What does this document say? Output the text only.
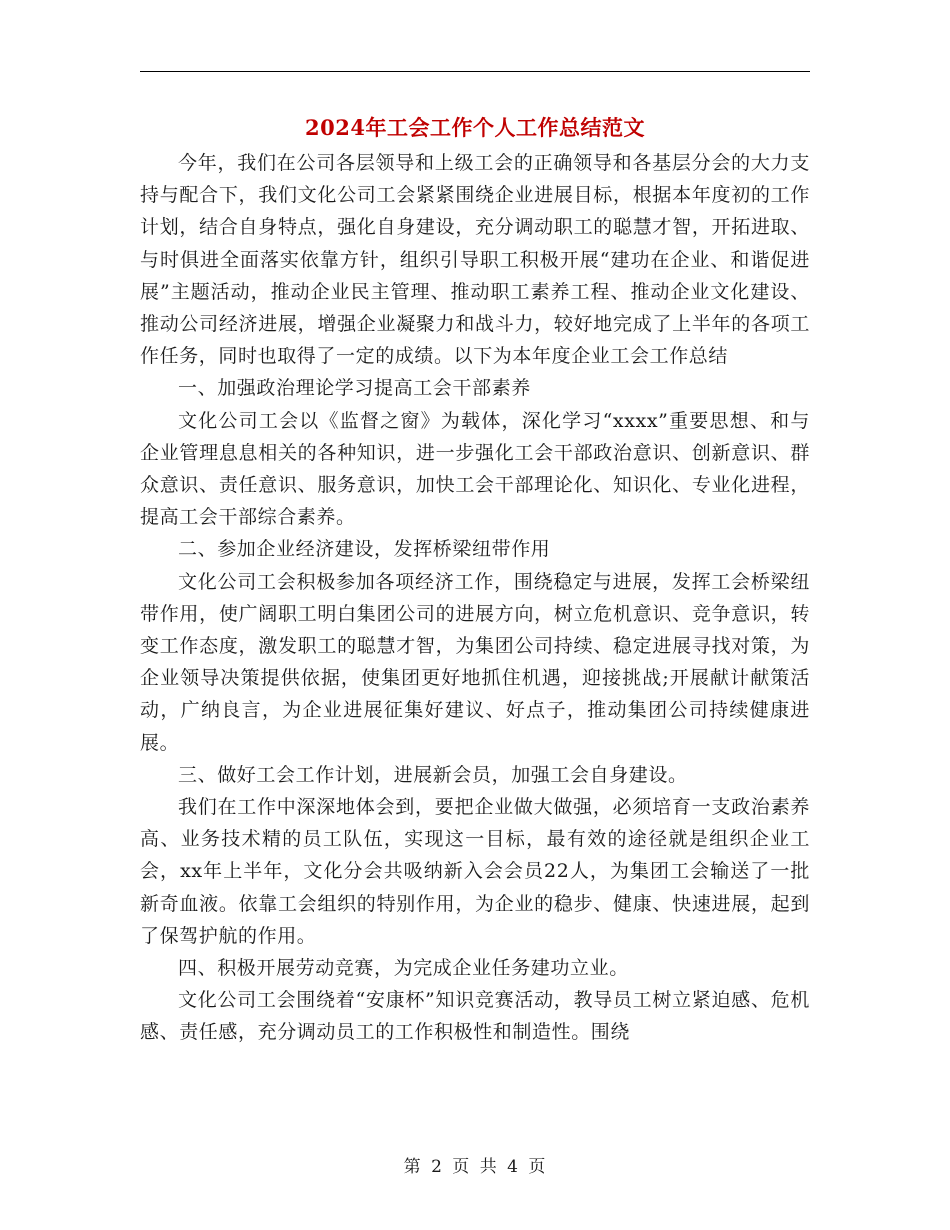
2024年工会工作个人工作总结范文

今年，我们在公司各层领导和上级工会的正确领导和各基层分会的大力支持与配合下，我们文化公司工会紧紧围绕企业进展目标，根据本年度初的工作计划，结合自身特点，强化自身建设，充分调动职工的聪慧才智，开拓进取、与时俱进全面落实依靠方针，组织引导职工积极开展“建功在企业、和谐促进展”主题活动，推动企业民主管理、推动职工素养工程、推动企业文化建设、推动公司经济进展，增强企业凝聚力和战斗力，较好地完成了上半年的各项工作任务，同时也取得了一定的成绩。以下为本年度企业工会工作总结

一、加强政治理论学习提高工会干部素养

文化公司工会以《监督之窗》为载体，深化学习“xxxx”重要思想、和与企业管理息息相关的各种知识，进一步强化工会干部政治意识、创新意识、群众意识、责任意识、服务意识，加快工会干部理论化、知识化、专业化进程，提高工会干部综合素养。

二、参加企业经济建设，发挥桥梁纽带作用

文化公司工会积极参加各项经济工作，围绕稳定与进展，发挥工会桥梁纽带作用，使广阔职工明白集团公司的进展方向，树立危机意识、竞争意识，转变工作态度，激发职工的聪慧才智，为集团公司持续、稳定进展寻找对策，为企业领导决策提供依据，使集团更好地抓住机遇，迎接挑战;开展献计献策活动，广纳良言，为企业进展征集好建议、好点子，推动集团公司持续健康进展。

三、做好工会工作计划，进展新会员，加强工会自身建设。

我们在工作中深深地体会到，要把企业做大做强，必须培育一支政治素养高、业务技术精的员工队伍，实现这一目标，最有效的途径就是组织企业工会，xx年上半年，文化分会共吸纳新入会会员22人，为集团工会输送了一批新奇血液。依靠工会组织的特别作用，为企业的稳步、健康、快速进展，起到了保驾护航的作用。

四、积极开展劳动竞赛，为完成企业任务建功立业。

文化公司工会围绕着“安康杯”知识竞赛活动，教导员工树立紧迫感、危机感、责任感，充分调动员工的工作积极性和制造性。围绕

第 2 页 共 4 页
